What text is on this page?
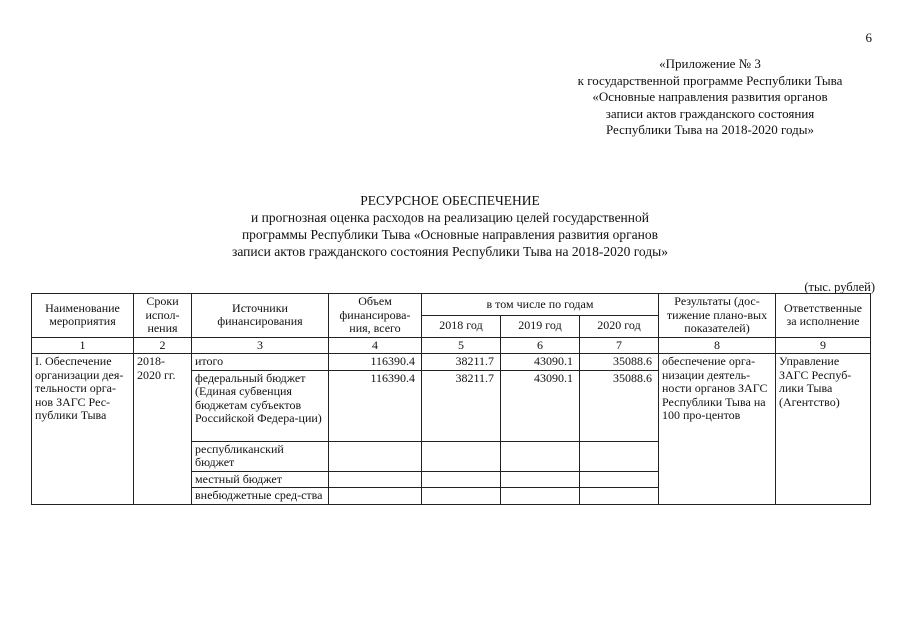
6
«Приложение № 3
к государственной программе Республики Тыва
«Основные направления развития органов
записи актов гражданского состояния
Республики Тыва на 2018-2020 годы»
РЕСУРСНОЕ ОБЕСПЕЧЕНИЕ
и прогнозная оценка расходов на реализацию целей государственной
программы Республики Тыва «Основные направления развития органов
записи актов гражданского состояния Республики Тыва на 2018-2020 годы»
(тыс. рублей)
Наименование мероприятия	Сроки испол-нения	Источники финансирования	Объем финансирова-ния, всего	в том числе по годам			Результаты (дос-тижение плано-вых показателей)	Ответственные за исполнение
				2018 год	2019 год	2020 год		
1	2	3	4	5	6	7	8	9
I. Обеспечение организации дея-тельности орга-нов ЗАГС Рес-публики Тыва	2018-2020 гг.	итого	116390.4	38211.7	43090.1	35088.6	обеспечение орга-низации деятель-ности органов ЗАГС Республики Тыва на 100 про-центов	Управление ЗАГС Респуб-лики Тыва (Агентство)
		федеральный бюджет (Единая субвенция бюджетам субъектов Российской Федера-ции)	116390.4	38211.7	43090.1	35088.6		
		республиканский бюджет						
		местный бюджет						
		внебюджетные сред-ства						
